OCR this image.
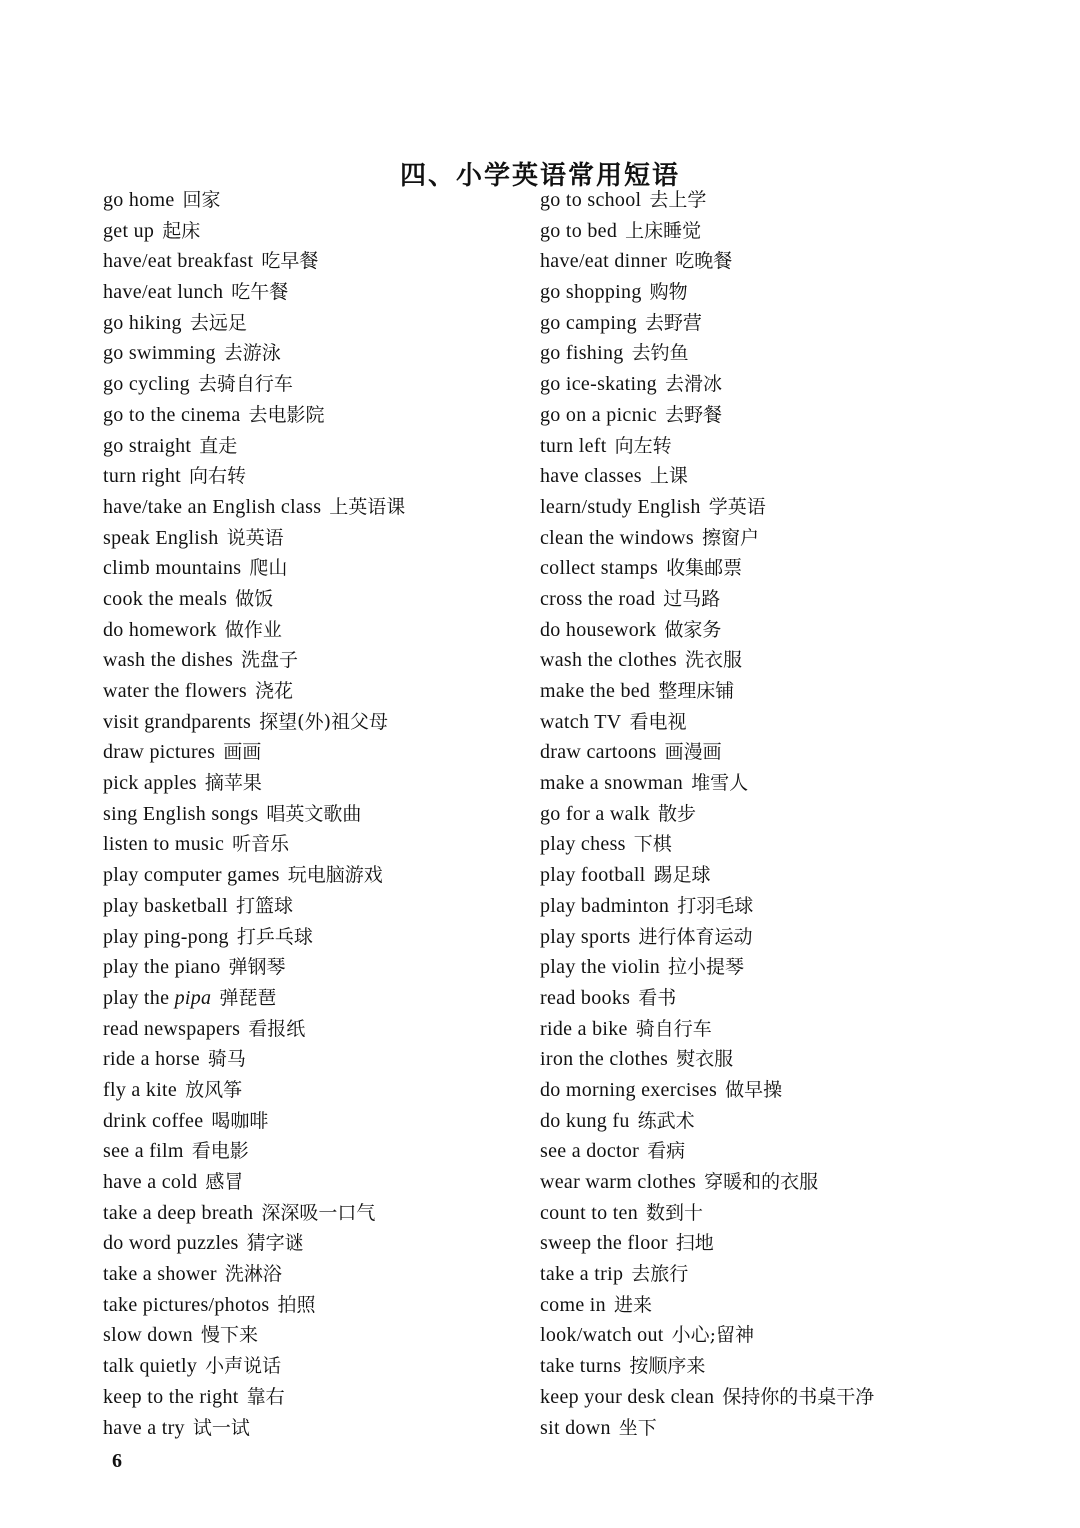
四、小学英语常用短语
go home 回家
get up 起床
have/eat breakfast 吃早餐
have/eat lunch 吃午餐
go hiking 去远足
go swimming 去游泳
go cycling 去骑自行车
go to the cinema 去电影院
go straight 直走
turn right 向右转
have/take an English class 上英语课
speak English 说英语
climb mountains 爬山
cook the meals 做饭
do homework 做作业
wash the dishes 洗盘子
water the flowers 浇花
visit grandparents 探望(外)祖父母
draw pictures 画画
pick apples 摘苹果
sing English songs 唱英文歌曲
listen to music 听音乐
play computer games 玩电脑游戏
play basketball 打篮球
play ping-pong 打乒乓球
play the piano 弹钢琴
play the pipa 弹琵琶
read newspapers 看报纸
ride a horse 骑马
fly a kite 放风筝
drink coffee 喝咖啡
see a film 看电影
have a cold 感冒
take a deep breath 深深吸一口气
do word puzzles 猜字谜
take a shower 洗淋浴
take pictures/photos 拍照
slow down 慢下来
talk quietly 小声说话
keep to the right 靠右
have a try 试一试
go to school 去上学
go to bed 上床睡觉
have/eat dinner 吃晚餐
go shopping 购物
go camping 去野营
go fishing 去钓鱼
go ice-skating 去滑冰
go on a picnic 去野餐
turn left 向左转
have classes 上课
learn/study English 学英语
clean the windows 擦窗户
collect stamps 收集邮票
cross the road 过马路
do housework 做家务
wash the clothes 洗衣服
make the bed 整理床铺
watch TV 看电视
draw cartoons 画漫画
make a snowman 堆雪人
go for a walk 散步
play chess 下棋
play football 踢足球
play badminton 打羽毛球
play sports 进行体育运动
play the violin 拉小提琴
read books 看书
ride a bike 骑自行车
iron the clothes 熨衣服
do morning exercises 做早操
do kung fu 练武术
see a doctor 看病
wear warm clothes 穿暖和的衣服
count to ten 数到十
sweep the floor 扫地
take a trip 去旅行
come in 进来
look/watch out 小心;留神
take turns 按顺序来
keep your desk clean 保持你的书桌干净
sit down 坐下
6
